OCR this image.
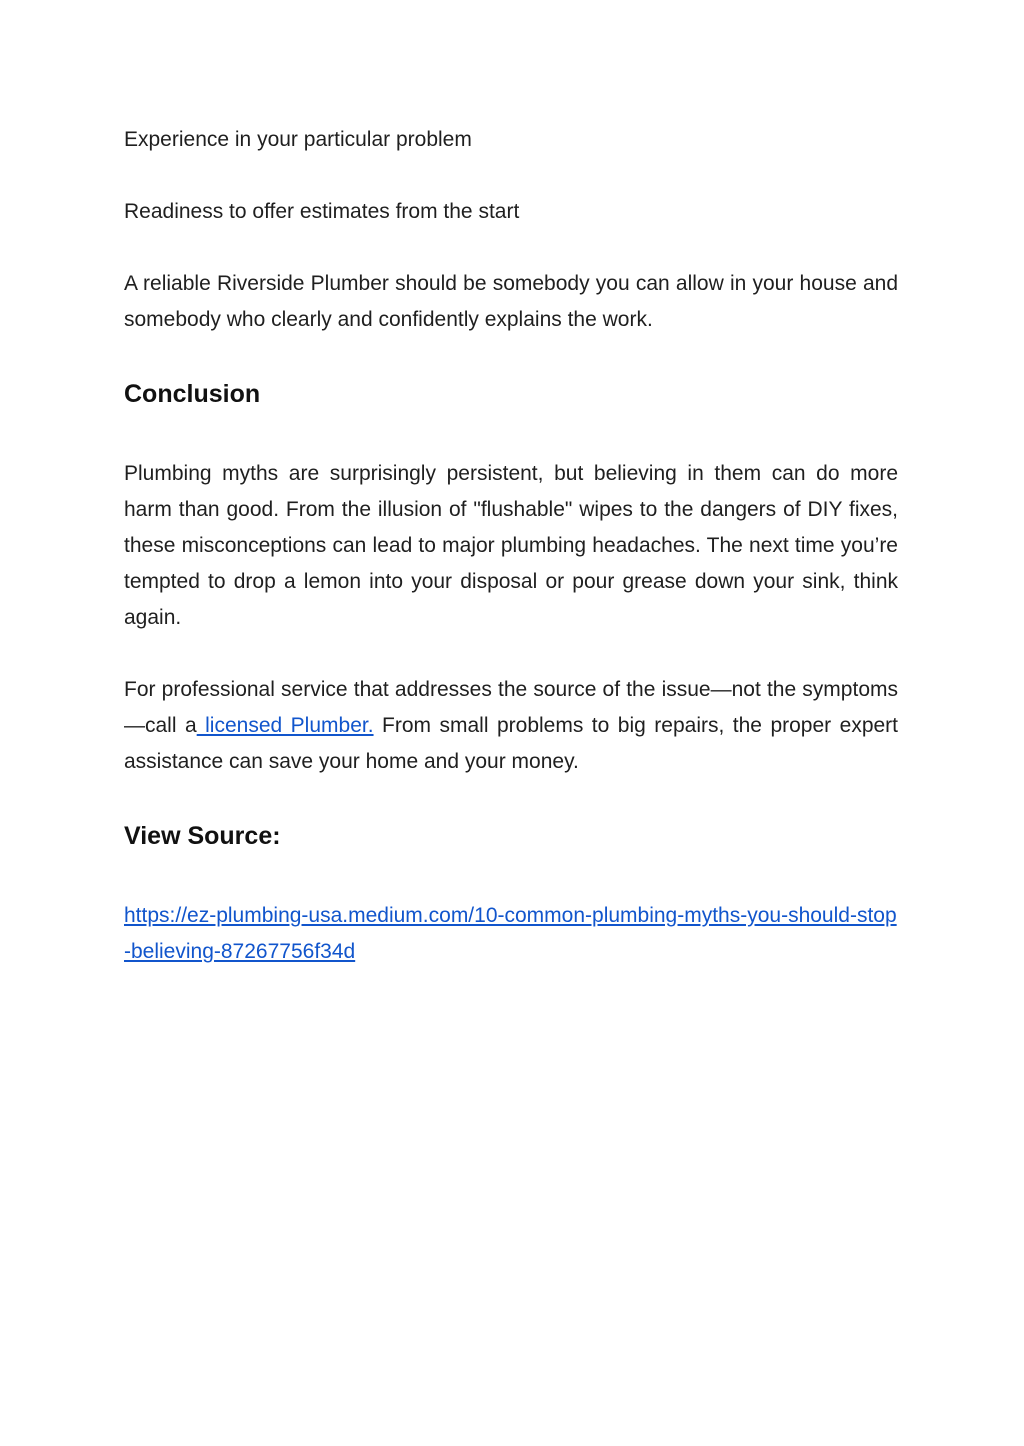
Experience in your particular problem

Readiness to offer estimates from the start

A reliable Riverside Plumber should be somebody you can allow in your house and somebody who clearly and confidently explains the work.

Conclusion

Plumbing myths are surprisingly persistent, but believing in them can do more harm than good. From the illusion of "flushable" wipes to the dangers of DIY fixes, these misconceptions can lead to major plumbing headaches. The next time you’re tempted to drop a lemon into your disposal or pour grease down your sink, think again.

For professional service that addresses the source of the issue—not the symptoms—call a licensed Plumber. From small problems to big repairs, the proper expert assistance can save your home and your money.

View Source:

https://ez-plumbing-usa.medium.com/10-common-plumbing-myths-you-should-stop-believing-87267756f34d
